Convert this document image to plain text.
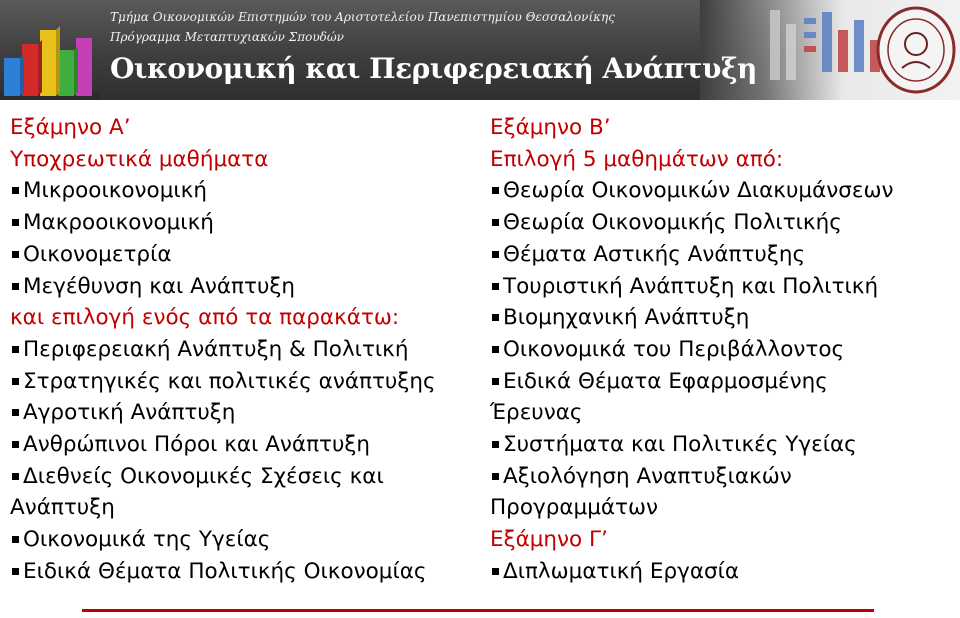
Τμήμα Οικονομικών Επιστημών του Αριστοτελείου Πανεπιστημίου Θεσσαλονίκης
Πρόγραμμα Μεταπτυχιακών Σπουδών
Οικονομική και Περιφερειακή Ανάπτυξη
Εξάμηνο Α’
Υποχρεωτικά μαθήματα
Μικροοικονομική
Μακροοικονομική
Οικονομετρία
Μεγέθυνση και Ανάπτυξη
και επιλογή ενός από τα παρακάτω:
Περιφερειακή Ανάπτυξη & Πολιτική
Στρατηγικές και πολιτικές ανάπτυξης
Αγροτική Ανάπτυξη
Ανθρώπινοι Πόροι και Ανάπτυξη
Διεθνείς Οικονομικές Σχέσεις και
Ανάπτυξη
Οικονομικά της Υγείας
Ειδικά Θέματα Πολιτικής Οικονομίας
Εξάμηνο Β’
Επιλογή 5 μαθημάτων από:
Θεωρία Οικονομικών Διακυμάνσεων
Θεωρία Οικονομικής Πολιτικής
Θέματα Αστικής Ανάπτυξης
Τουριστική Ανάπτυξη και Πολιτική
Βιομηχανική Ανάπτυξη
Οικονομικά του Περιβάλλοντος
Ειδικά Θέματα Εφαρμοσμένης
Έρευνας
Συστήματα και Πολιτικές Υγείας
Αξιολόγηση Αναπτυξιακών
Προγραμμάτων
Εξάμηνο Γ’
Διπλωματική Εργασία
